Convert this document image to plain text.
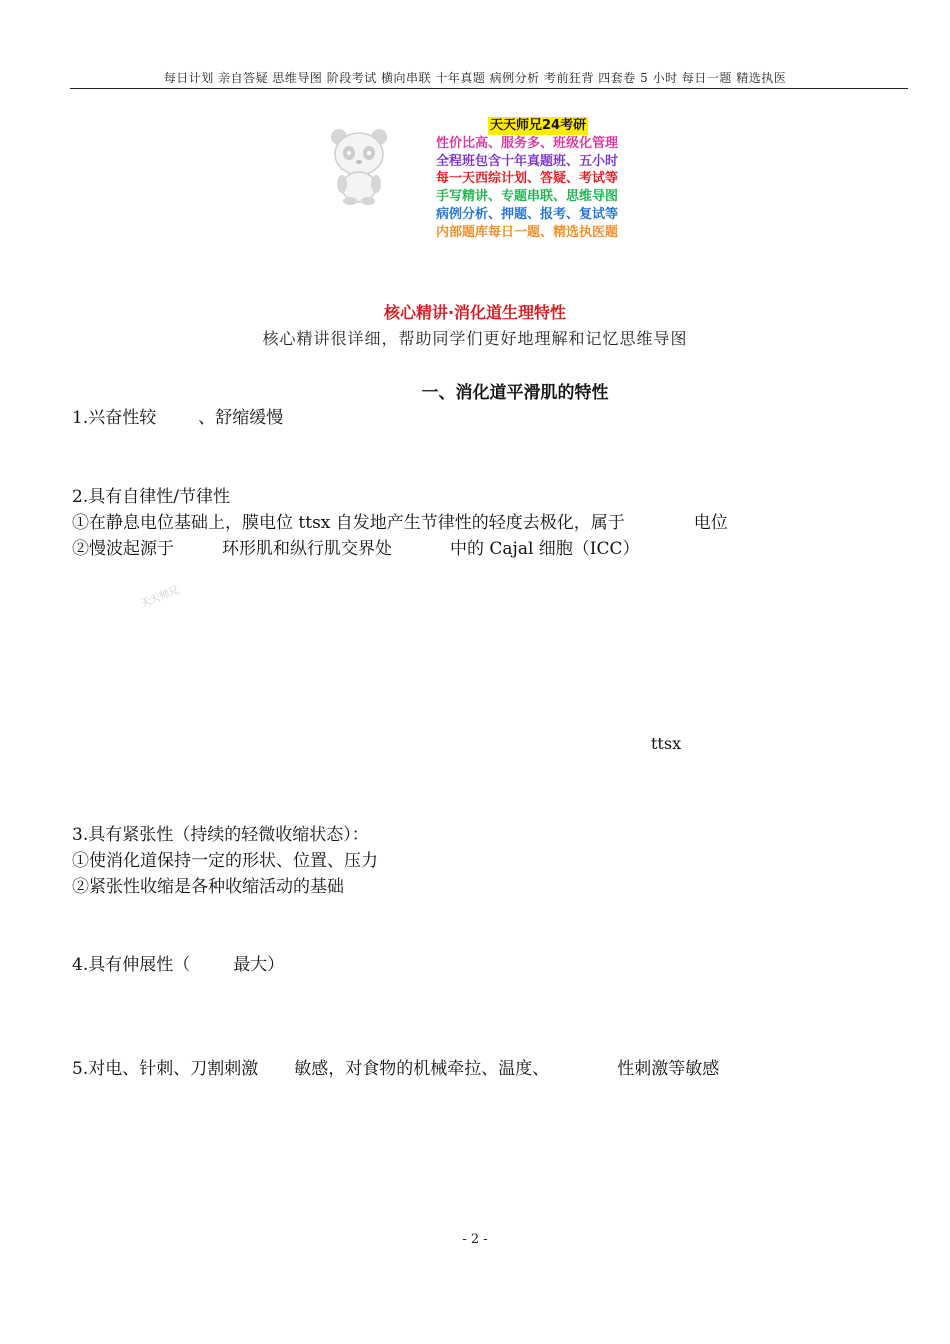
每日计划 亲自答疑 思维导图 阶段考试 横向串联 十年真题 病例分析 考前狂背 四套卷 5 小时 每日一题 精选执医
天天师兄24考研
性价比高、服务多、班级化管理
全程班包含十年真题班、五小时
每一天西综计划、答疑、考试等
手写精讲、专题串联、思维导图
病例分析、押题、报考、复试等
内部题库每日一题、精选执医题
核心精讲·消化道生理特性
核心精讲很详细，帮助同学们更好地理解和记忆思维导图
一、消化道平滑肌的特性
1.兴奋性较 、舒缩缓慢
2.具有自律性/节律性
①在静息电位基础上，膜电位 ttsx 自发地产生节律性的轻度去极化，属于	电位
②慢波起源于	环形肌和纵行肌交界处	中的 Cajal 细胞（ICC）
天天师兄
ttsx
3.具有紧张性（持续的轻微收缩状态）：
①使消化道保持一定的形状、位置、压力
②紧张性收缩是各种收缩活动的基础
4.具有伸展性（	最大）
5.对电、针刺、刀割刺激 敏感，对食物的机械牵拉、温度、	性刺激等敏感
- 2 -
